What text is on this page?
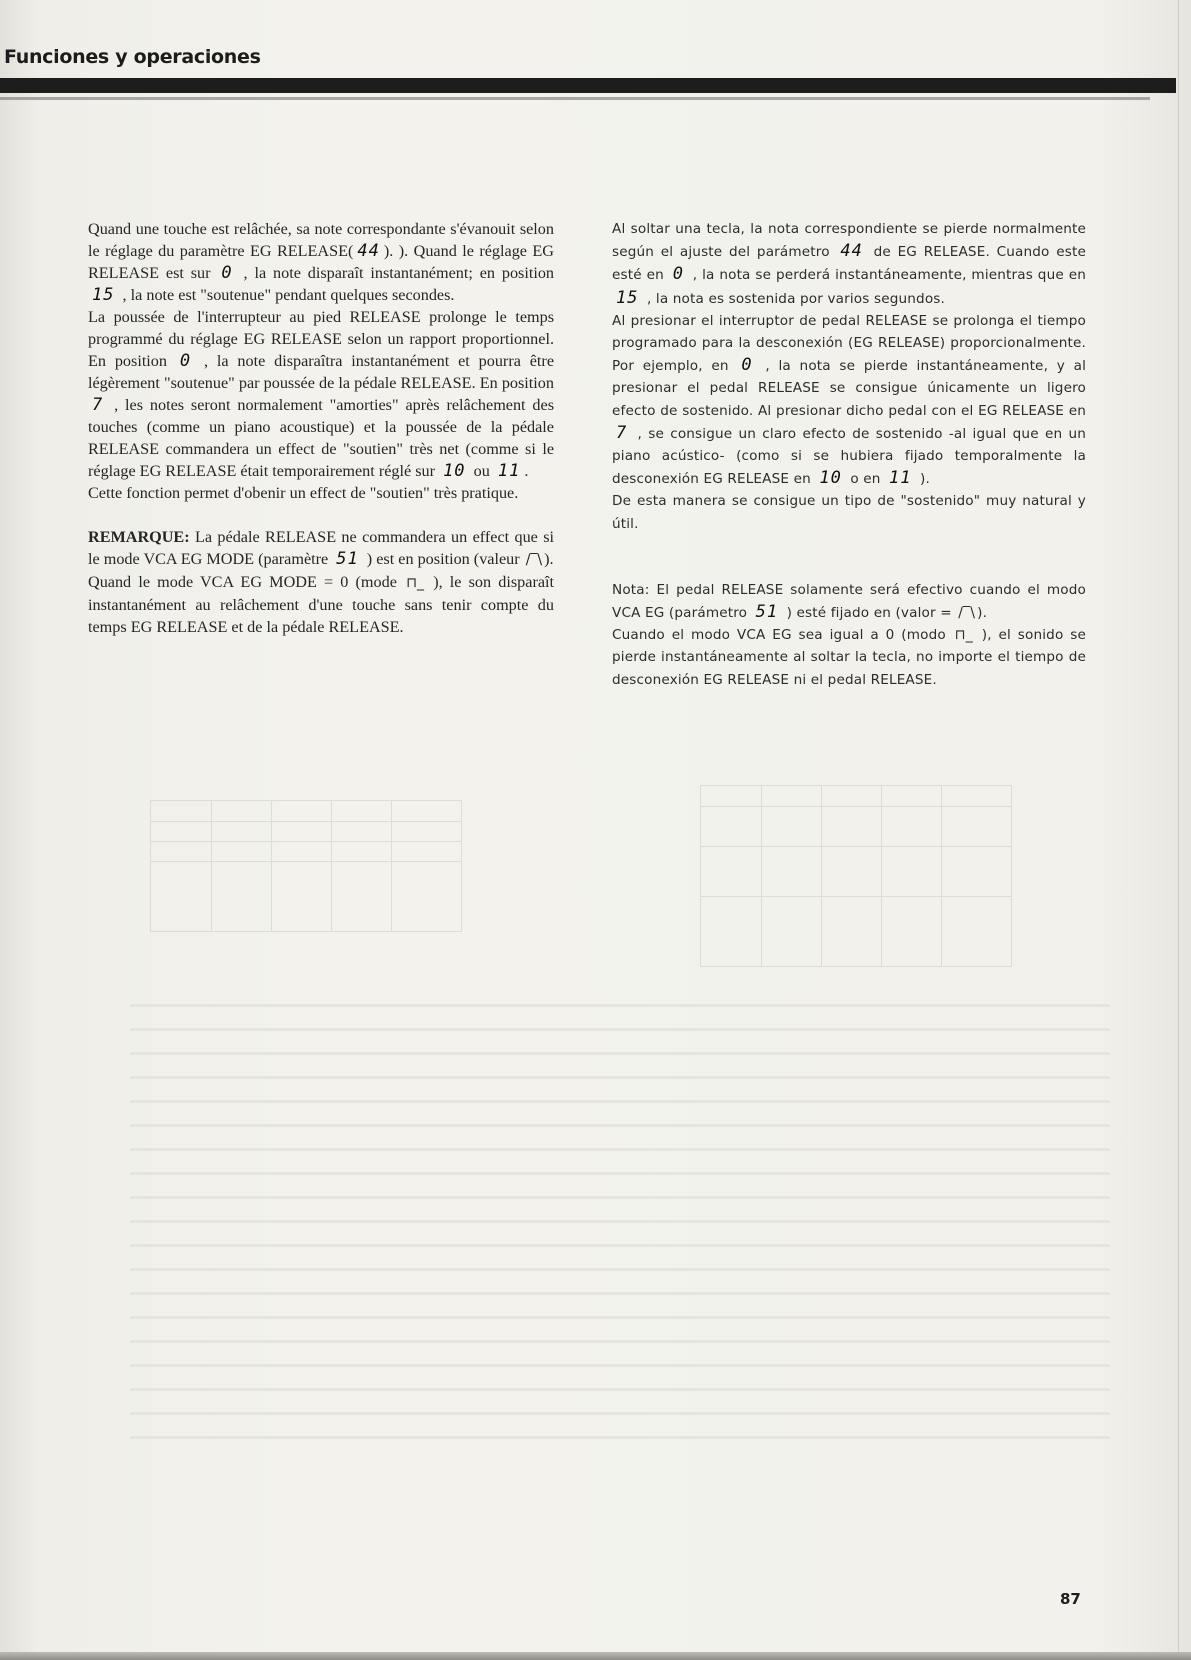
Funciones y operaciones

Quand une touche est relâchée, sa note correspondante s'évanouit selon le réglage du paramètre EG RELEASE( 44 ). ). Quand le réglage EG RELEASE est sur 0 , la note disparaît instantanément; en position 15 , la note est "soutenue" pendant quelques secondes.

La poussée de l'interrupteur au pied RELEASE prolonge le temps programmé du réglage EG RELEASE selon un rapport proportionnel. En position 0 , la note disparaîtra instantanément et pourra être légèrement "soutenue" par poussée de la pédale RELEASE. En position 7 , les notes seront normalement "amorties" après relâchement des touches (comme un piano acoustique) et la poussée de la pédale RELEASE commandera un effect de "soutien" très net (comme si le réglage EG RELEASE était temporairement réglé sur 10 ou 11 .

Cette fonction permet d'obenir un effect de "soutien" très pratique.

REMARQUE: La pédale RELEASE ne commandera un effect que si le mode VCA EG MODE (paramètre 51 ) est en position (valeur /‾\ ).

Quand le mode VCA EG MODE = 0 (mode ⊓_ ), le son disparaît instantanément au relâchement d'une touche sans tenir compte du temps EG RELEASE et de la pédale RELEASE.

Al soltar una tecla, la nota correspondiente se pierde normalmente según el ajuste del parámetro 44 de EG RELEASE. Cuando este esté en 0 , la nota se perderá instantáneamente, mientras que en 15 , la nota es sostenida por varios segundos.

Al presionar el interruptor de pedal RELEASE se prolonga el tiempo programado para la desconexión (EG RELEASE) proporcionalmente. Por ejemplo, en 0 , la nota se pierde instantáneamente, y al presionar el pedal RELEASE se consigue únicamente un ligero efecto de sostenido. Al presionar dicho pedal con el EG RELEASE en 7 , se consigue un claro efecto de sostenido -al igual que en un piano acústico- (como si se hubiera fijado temporalmente la desconexión EG RELEASE en 10 o en 11 ).

De esta manera se consigue un tipo de "sostenido" muy natural y útil.

Nota: El pedal RELEASE solamente será efectivo cuando el modo VCA EG (parámetro 51 ) esté fijado en (valor = /‾\ ).

Cuando el modo VCA EG sea igual a 0 (modo ⊓_ ), el sonido se pierde instantáneamente al soltar la tecla, no importe el tiempo de desconexión EG RELEASE ni el pedal RELEASE.

87
